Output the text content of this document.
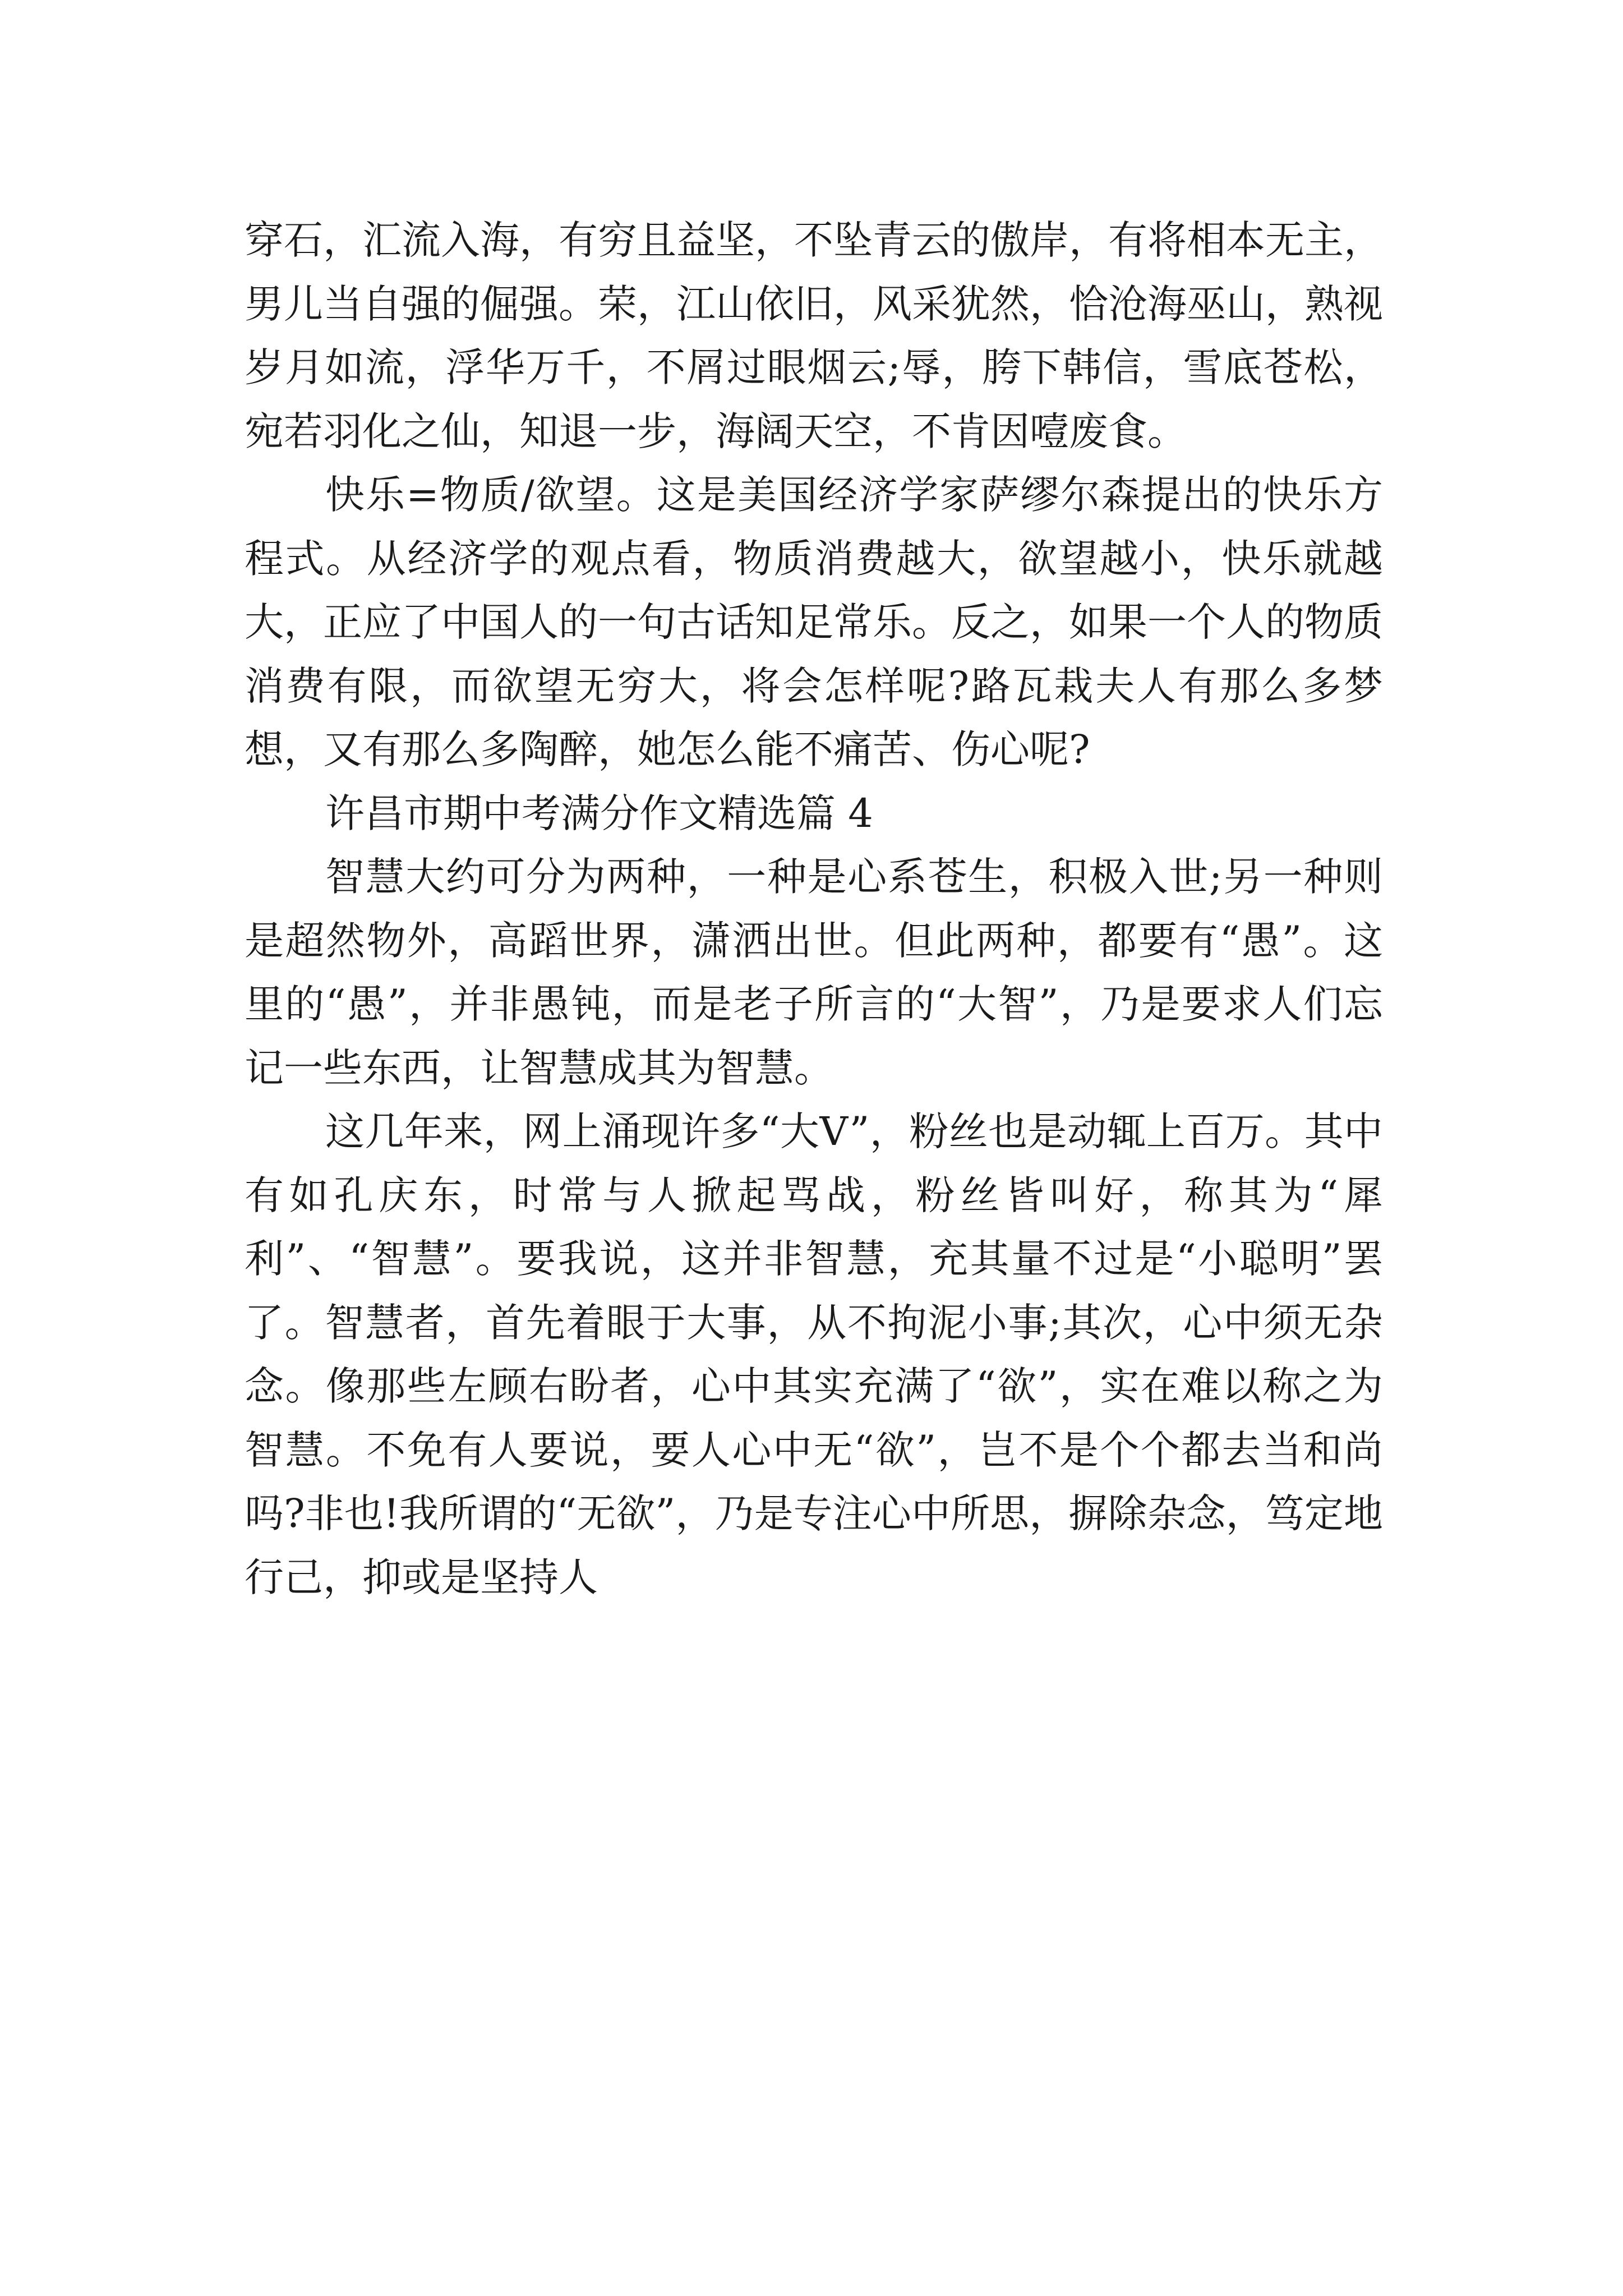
穿石，汇流入海，有穷且益坚，不坠青云的傲岸，有将相本无主，男儿当自强的倔强。荣，江山依旧，风采犹然，恰沧海巫山，熟视岁月如流，浮华万千，不屑过眼烟云;辱，胯下韩信，雪底苍松，宛若羽化之仙，知退一步，海阔天空，不肯因噎废食。

快乐=物质/欲望。这是美国经济学家萨缪尔森提出的快乐方程式。从经济学的观点看，物质消费越大，欲望越小，快乐就越大，正应了中国人的一句古话知足常乐。反之，如果一个人的物质消费有限，而欲望无穷大，将会怎样呢?路瓦栽夫人有那么多梦想，又有那么多陶醉，她怎么能不痛苦、伤心呢?

许昌市期中考满分作文精选篇 4

智慧大约可分为两种，一种是心系苍生，积极入世;另一种则是超然物外，高蹈世界，潇洒出世。但此两种，都要有“愚”。这里的“愚”，并非愚钝，而是老子所言的“大智”，乃是要求人们忘记一些东西，让智慧成其为智慧。

这几年来，网上涌现许多“大V”，粉丝也是动辄上百万。其中有如孔庆东，时常与人掀起骂战，粉丝皆叫好，称其为“犀利”、“智慧”。要我说，这并非智慧，充其量不过是“小聪明”罢了。智慧者，首先着眼于大事，从不拘泥小事;其次，心中须无杂念。像那些左顾右盼者，心中其实充满了“欲”，实在难以称之为智慧。不免有人要说，要人心中无“欲”，岂不是个个都去当和尚吗?非也!我所谓的“无欲”，乃是专注心中所思，摒除杂念，笃定地行己，抑或是坚持人
